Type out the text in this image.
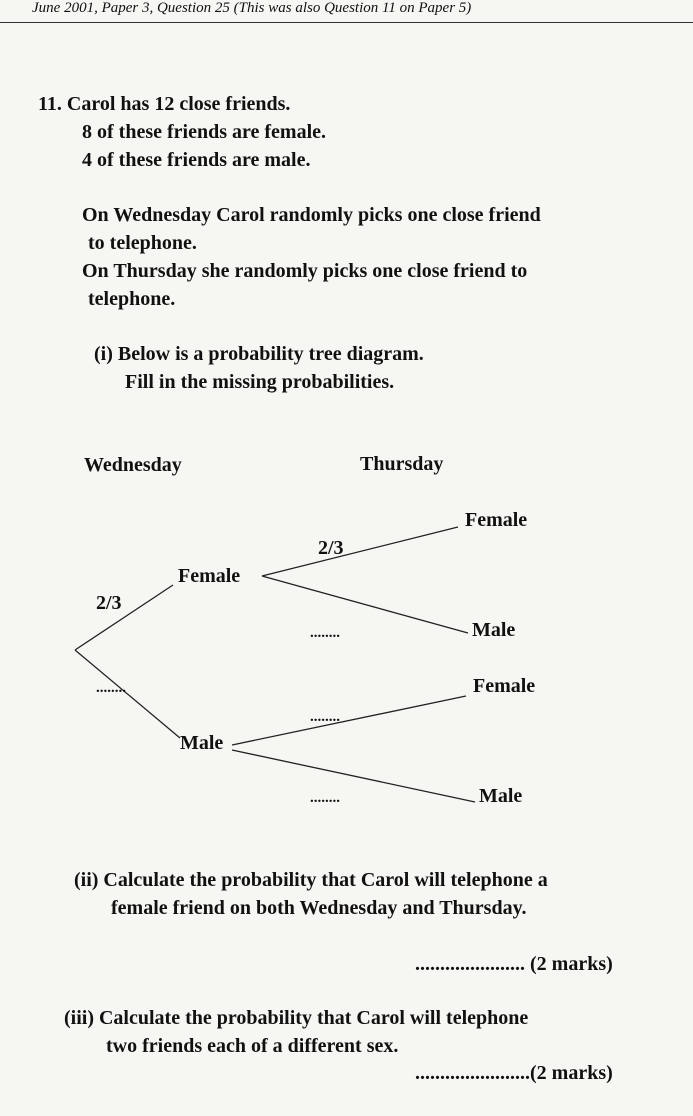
June 2001, Paper 3, Question 25 (This was also Question 11 on Paper 5)
11. Carol has 12 close friends.
8 of these friends are female.
4 of these friends are male.
On Wednesday Carol randomly picks one close friend
to telephone.
On Thursday she randomly picks one close friend to
telephone.
(i) Below is a probability tree diagram.
Fill in the missing probabilities.
Wednesday	Thursday
2/3
........
Female
Male
2/3
........
........
........
Female
Male
Female
Male
(ii) Calculate the probability that Carol will telephone a
female friend on both Wednesday and Thursday.
...................... (2 marks)
(iii) Calculate the probability that Carol will telephone
two friends each of a different sex.
.......................(2 marks)
